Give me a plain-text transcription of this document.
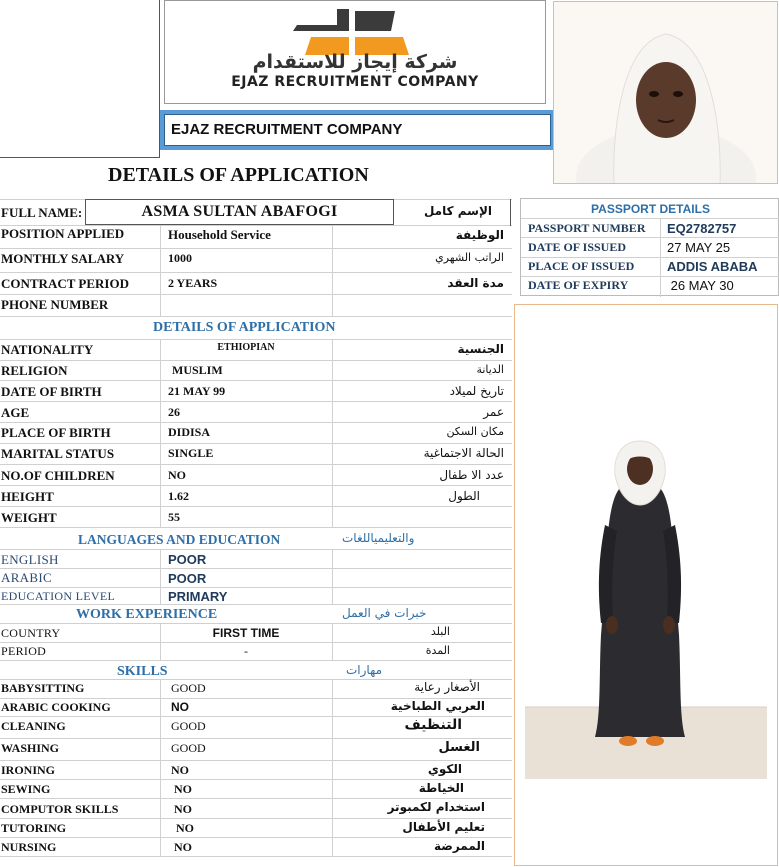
شركة إيجاز للاستقدام
EJAZ RECRUITMENT COMPANY
EJAZ RECRUITMENT COMPANY
DETAILS OF APPLICATION
FULL NAME:	ASMA SULTAN ABAFOGI	الإسم كامل
POSITION APPLIED	Household Service	الوظيفة
MONTHLY SALARY	1000	الراتب الشهري
CONTRACT PERIOD	2 YEARS	مدة العقد
PHONE NUMBER
DETAILS OF APPLICATION
NATIONALITY	ETHIOPIAN	الجنسية
RELIGION	MUSLIM	الديانة
DATE OF BIRTH	21 MAY 99	تاريخ لميلاد
AGE	26	عمر
PLACE OF BIRTH	DIDISA	مكان السكن
MARITAL STATUS	SINGLE	الحالة الاجتماغية
NO.OF CHILDREN	NO	عدد الا طفال
HEIGHT	1.62	الطول
WEIGHT	55
LANGUAGES AND EDUCATION	والتعليمياللغات
ENGLISH	POOR
ARABIC	POOR
EDUCATION LEVEL	PRIMARY
WORK EXPERIENCE	خبرات في العمل
COUNTRY	FIRST TIME	البلد
PERIOD	-	المدة
SKILLS	مهارات
BABYSITTING	GOOD	الأصغار رعاية
ARABIC COOKING	NO	العربي الطباخية
CLEANING	GOOD	التنظيف
WASHING	GOOD	الغسل
IRONING	NO	الكوي
SEWING	NO	الخياطة
COMPUTOR SKILLS	NO	استخدام لكمبوتر
TUTORING	NO	تعليم الأطفال
NURSING	NO	الممرضة
PASSPORT DETAILS
PASSPORT NUMBER EQ2782757
DATE OF ISSUED	27 MAY 25
PLACE OF ISSUED	ADDIS ABABA
DATE OF EXPIRY	26 MAY 30
